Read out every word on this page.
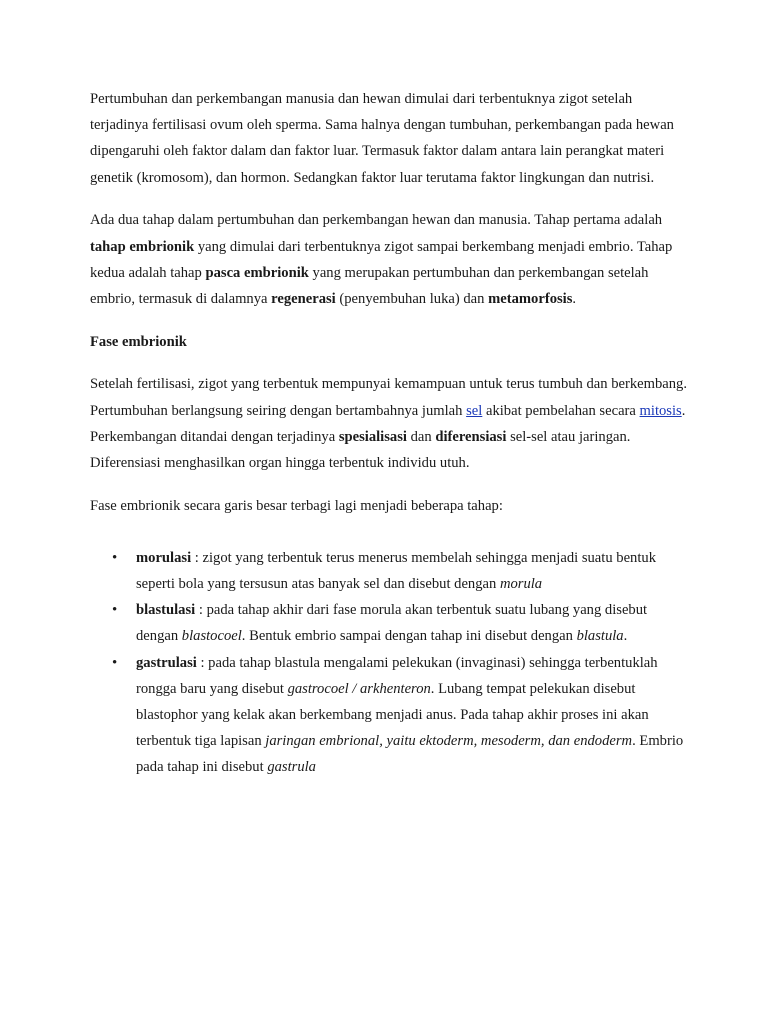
Pertumbuhan dan perkembangan manusia dan hewan dimulai dari terbentuknya zigot setelah terjadinya fertilisasi ovum oleh sperma. Sama halnya dengan tumbuhan, perkembangan pada hewan dipengaruhi oleh faktor dalam dan faktor luar. Termasuk faktor dalam antara lain perangkat materi genetik (kromosom), dan hormon. Sedangkan faktor luar terutama faktor lingkungan dan nutrisi.

Ada dua tahap dalam pertumbuhan dan perkembangan hewan dan manusia. Tahap pertama adalah tahap embrionik yang dimulai dari terbentuknya zigot sampai berkembang menjadi embrio. Tahap kedua adalah tahap pasca embrionik yang merupakan pertumbuhan dan perkembangan setelah embrio, termasuk di dalamnya regenerasi (penyembuhan luka) dan metamorfosis.

Fase embrionik

Setelah fertilisasi, zigot yang terbentuk mempunyai kemampuan untuk terus tumbuh dan berkembang. Pertumbuhan berlangsung seiring dengan bertambahnya jumlah sel akibat pembelahan secara mitosis. Perkembangan ditandai dengan terjadinya spesialisasi dan diferensiasi sel-sel atau jaringan. Diferensiasi menghasilkan organ hingga terbentuk individu utuh.

Fase embrionik secara garis besar terbagi lagi menjadi beberapa tahap:

• morulasi : zigot yang terbentuk terus menerus membelah sehingga menjadi suatu bentuk seperti bola yang tersusun atas banyak sel dan disebut dengan morula
• blastulasi : pada tahap akhir dari fase morula akan terbentuk suatu lubang yang disebut dengan blastocoel. Bentuk embrio sampai dengan tahap ini disebut dengan blastula.
• gastrulasi : pada tahap blastula mengalami pelekukan (invaginasi) sehingga terbentuklah rongga baru yang disebut gastrocoel / arkhenteron. Lubang tempat pelekukan disebut blastophor yang kelak akan berkembang menjadi anus. Pada tahap akhir proses ini akan terbentuk tiga lapisan jaringan embrional, yaitu ektoderm, mesoderm, dan endoderm. Embrio pada tahap ini disebut gastrula
